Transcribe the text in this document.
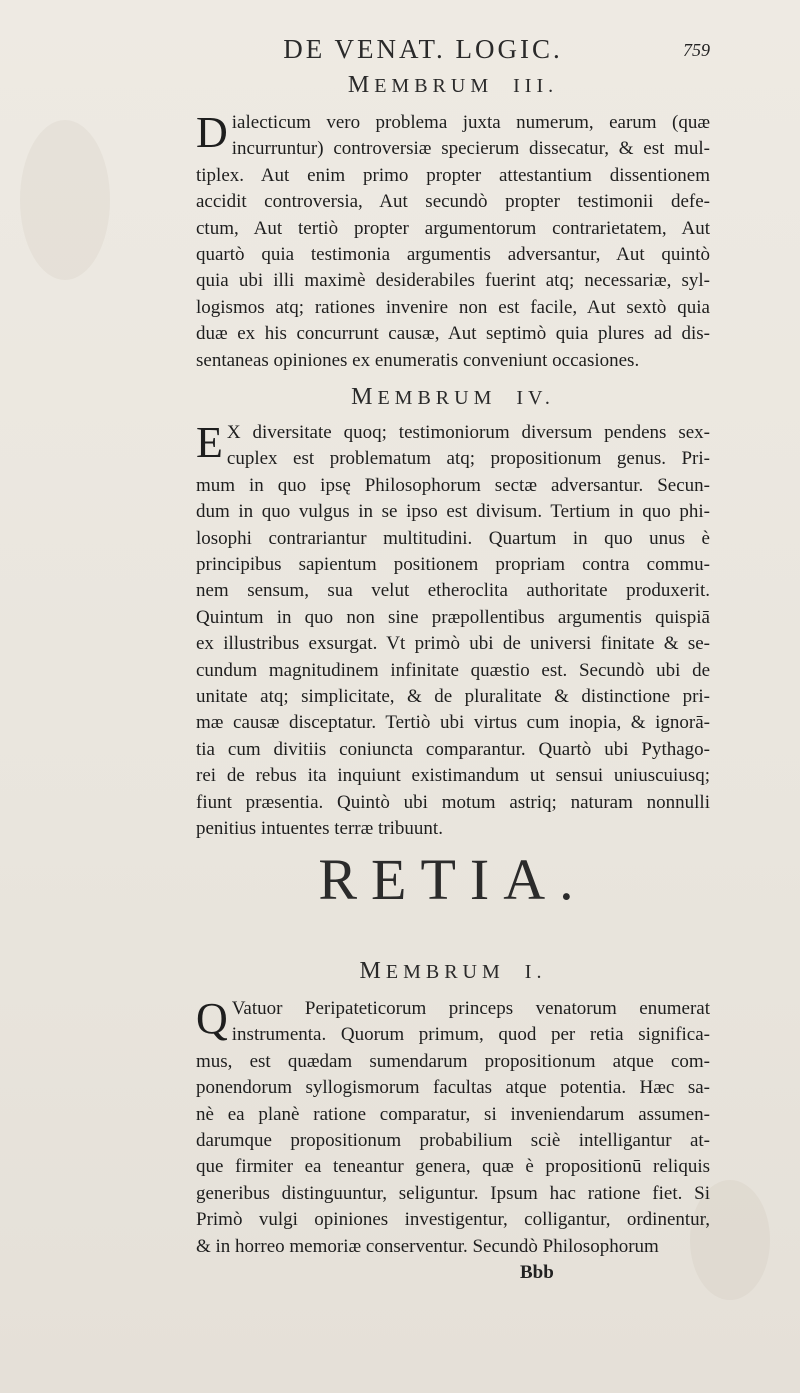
DE VENAT. LOGIC.	759
MEMBRUM III.
D ialecticum vero problema juxta numerum, earum (quæ
incurruntur) controversiæ specierum dissecatur, & est mul-
tiplex. Aut enim primo propter attestantium dissentionem
accidit controversia, Aut secundò propter testimonii defe-
ctum, Aut tertiò propter argumentorum contrarietatem, Aut
quartò quia testimonia argumentis adversantur, Aut quintò
quia ubi illi maximè desiderabiles fuerint atq; necessariæ, syl-
logismos atq; rationes invenire non est facile, Aut sextò quia
duæ ex his concurrunt causæ, Aut septimò quia plures ad dis-
sentaneas opiniones ex enumeratis conveniunt occasiones.
MEMBRUM IV.
E X diversitate quoq; testimoniorum diversum pendens sex-
cuplex est problematum atq; propositionum genus. Pri-
mum in quo ipsę Philosophorum sectæ adversantur. Secun-
dum in quo vulgus in se ipso est divisum. Tertium in quo phi-
losophi contrariantur multitudini. Quartum in quo unus è
principibus sapientum positionem propriam contra commu-
nem sensum, sua velut etheroclita authoritate produxerit.
Quintum in quo non sine præpollentibus argumentis quispiā
ex illustribus exsurgat. Vt primò ubi de universi finitate & se-
cundum magnitudinem infinitate quæstio est. Secundò ubi de
unitate atq; simplicitate, & de pluralitate & distinctione pri-
mæ causæ disceptatur. Tertiò ubi virtus cum inopia, & ignorā-
tia cum divitiis coniuncta comparantur. Quartò ubi Pythago-
rei de rebus ita inquiunt existimandum ut sensui uniuscuiusq;
fiunt præsentia. Quintò ubi motum astriq; naturam nonnulli
penitius intuentes terræ tribuunt.
RETIA.
MEMBRUM I.
Q Vatuor Peripateticorum princeps venatorum enumerat
instrumenta. Quorum primum, quod per retia significa-
mus, est quædam sumendarum propositionum atque com-
ponendorum syllogismorum facultas atque potentia. Hæc sa-
nè ea planè ratione comparatur, si inveniendarum assumen-
darumque propositionum probabilium sciè intelligantur at-
que firmiter ea teneantur genera, quæ è propositionū reliquis
generibus distinguuntur, seliguntur. Ipsum hac ratione fiet. Si
Primò vulgi opiniones investigentur, colligantur, ordinentur,
& in horreo memoriæ conserventur. Secundò Philosophorum
Bbb
